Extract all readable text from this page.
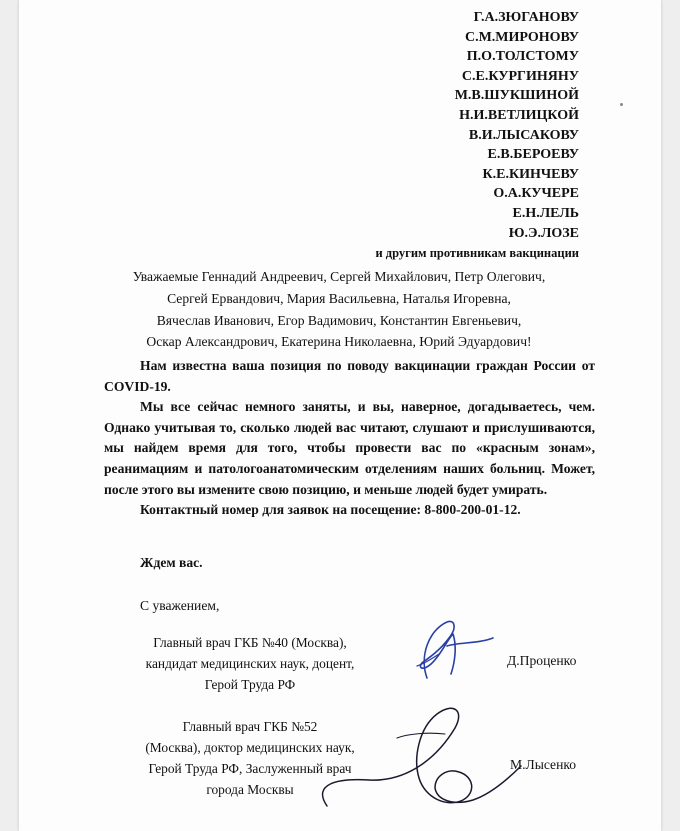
Г.А.ЗЮГАНОВУ
С.М.МИРОНОВУ
П.О.ТОЛСТОМУ
С.Е.КУРГИНЯНУ
М.В.ШУКШИНОЙ
Н.И.ВЕТЛИЦКОЙ
В.И.ЛЫСАКОВУ
Е.В.БЕРОЕВУ
К.Е.КИНЧЕВУ
О.А.КУЧЕРЕ
Е.Н.ЛЕЛЬ
Ю.Э.ЛОЗЕ
и другим противникам вакцинации
Уважаемые Геннадий Андреевич, Сергей Михайлович, Петр Олегович,
Сергей Ервандович, Мария Васильевна, Наталья Игоревна,
Вячеслав Иванович, Егор Вадимович, Константин Евгеньевич,
Оскар Александрович, Екатерина Николаевна, Юрий Эдуардович!

Нам известна ваша позиция по поводу вакцинации граждан России от COVID-19.

Мы все сейчас немного заняты, и вы, наверное, догадываетесь, чем. Однако учитывая то, сколько людей вас читают, слушают и прислушиваются, мы найдем время для того, чтобы провести вас по «красным зонам», реанимациям и патологоанатомическим отделениям наших больниц. Может, после этого вы измените свою позицию, и меньше людей будет умирать.

Контактный номер для заявок на посещение: 8-800-200-01-12.

Ждем вас.
С уважением,
Главный врач ГКБ №40 (Москва),
кандидат медицинских наук, доцент,
Герой Труда РФ
Д.Проценко
Главный врач ГКБ №52
(Москва), доктор медицинских наук,
Герой Труда РФ, Заслуженный врач
города Москвы
М.Лысенко
